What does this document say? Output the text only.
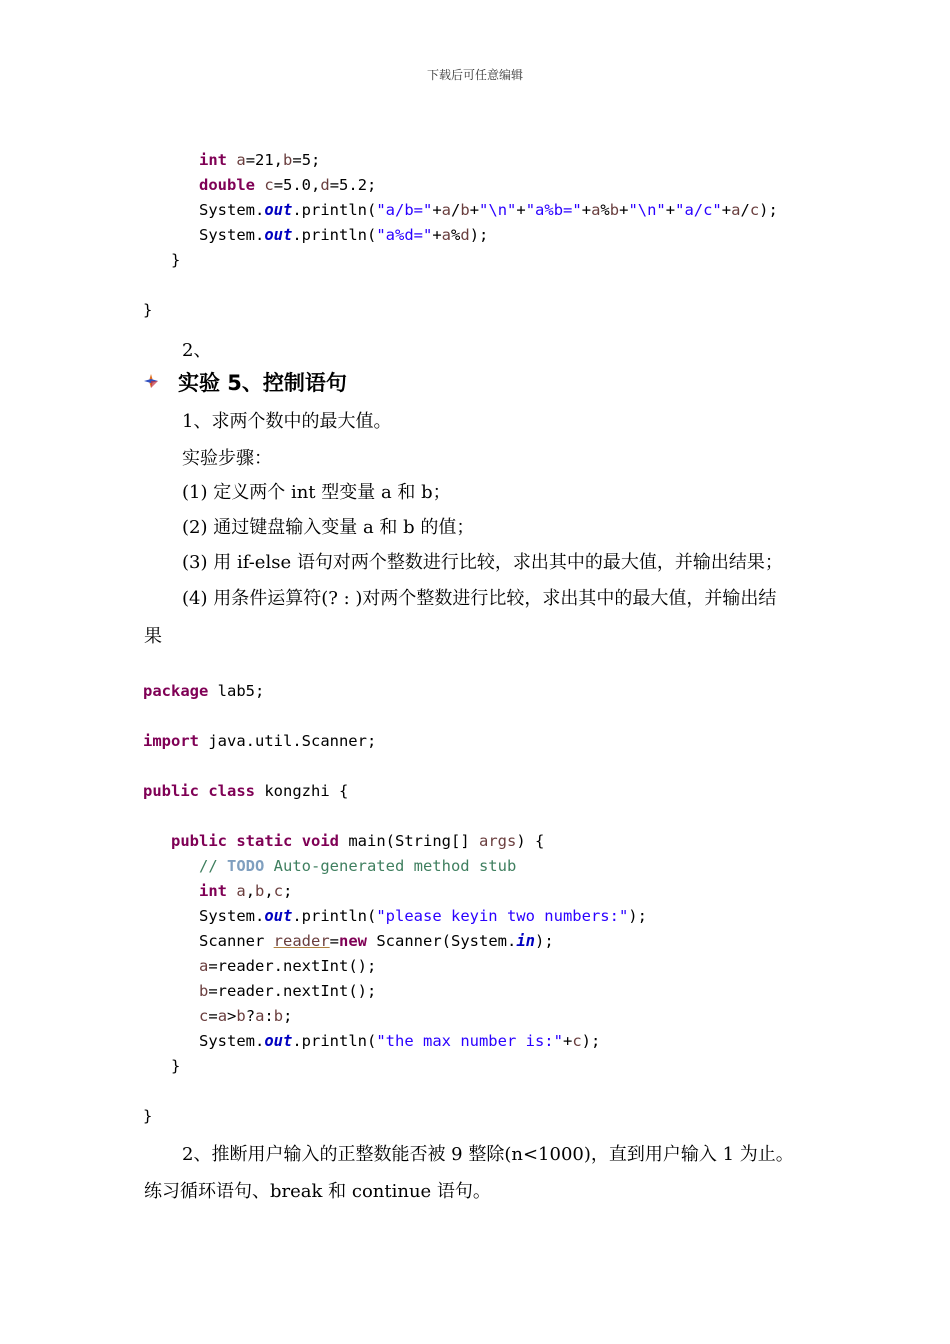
下载后可任意编辑

int a=21,b=5;
double c=5.0,d=5.2;
System.out.println("a/b="+a/b+"\n"+"a%b="+a%b+"\n"+"a/c"+a/c);
System.out.println("a%d="+a%d);
}

}
2、
实验 5、控制语句
1、求两个数中的最大值。
实验步骤：
(1) 定义两个 int 型变量 a 和 b；
(2) 通过键盘输入变量 a 和 b 的值；
(3) 用 if-else 语句对两个整数进行比较，求出其中的最大值，并输出结果；
(4) 用条件运算符(? : )对两个整数进行比较，求出其中的最大值，并输出结
果

package lab5;

import java.util.Scanner;

public class kongzhi {

public static void main(String[] args) {
// TODO Auto-generated method stub
int a,b,c;
System.out.println("please keyin two numbers:");
Scanner reader=new Scanner(System.in);
a=reader.nextInt();
b=reader.nextInt();
c=a>b?a:b;
System.out.println("the max number is:"+c);
}

}
2、推断用户输入的正整数能否被 9 整除(n<1000)，直到用户输入 1 为止。
练习循环语句、break 和 continue 语句。
